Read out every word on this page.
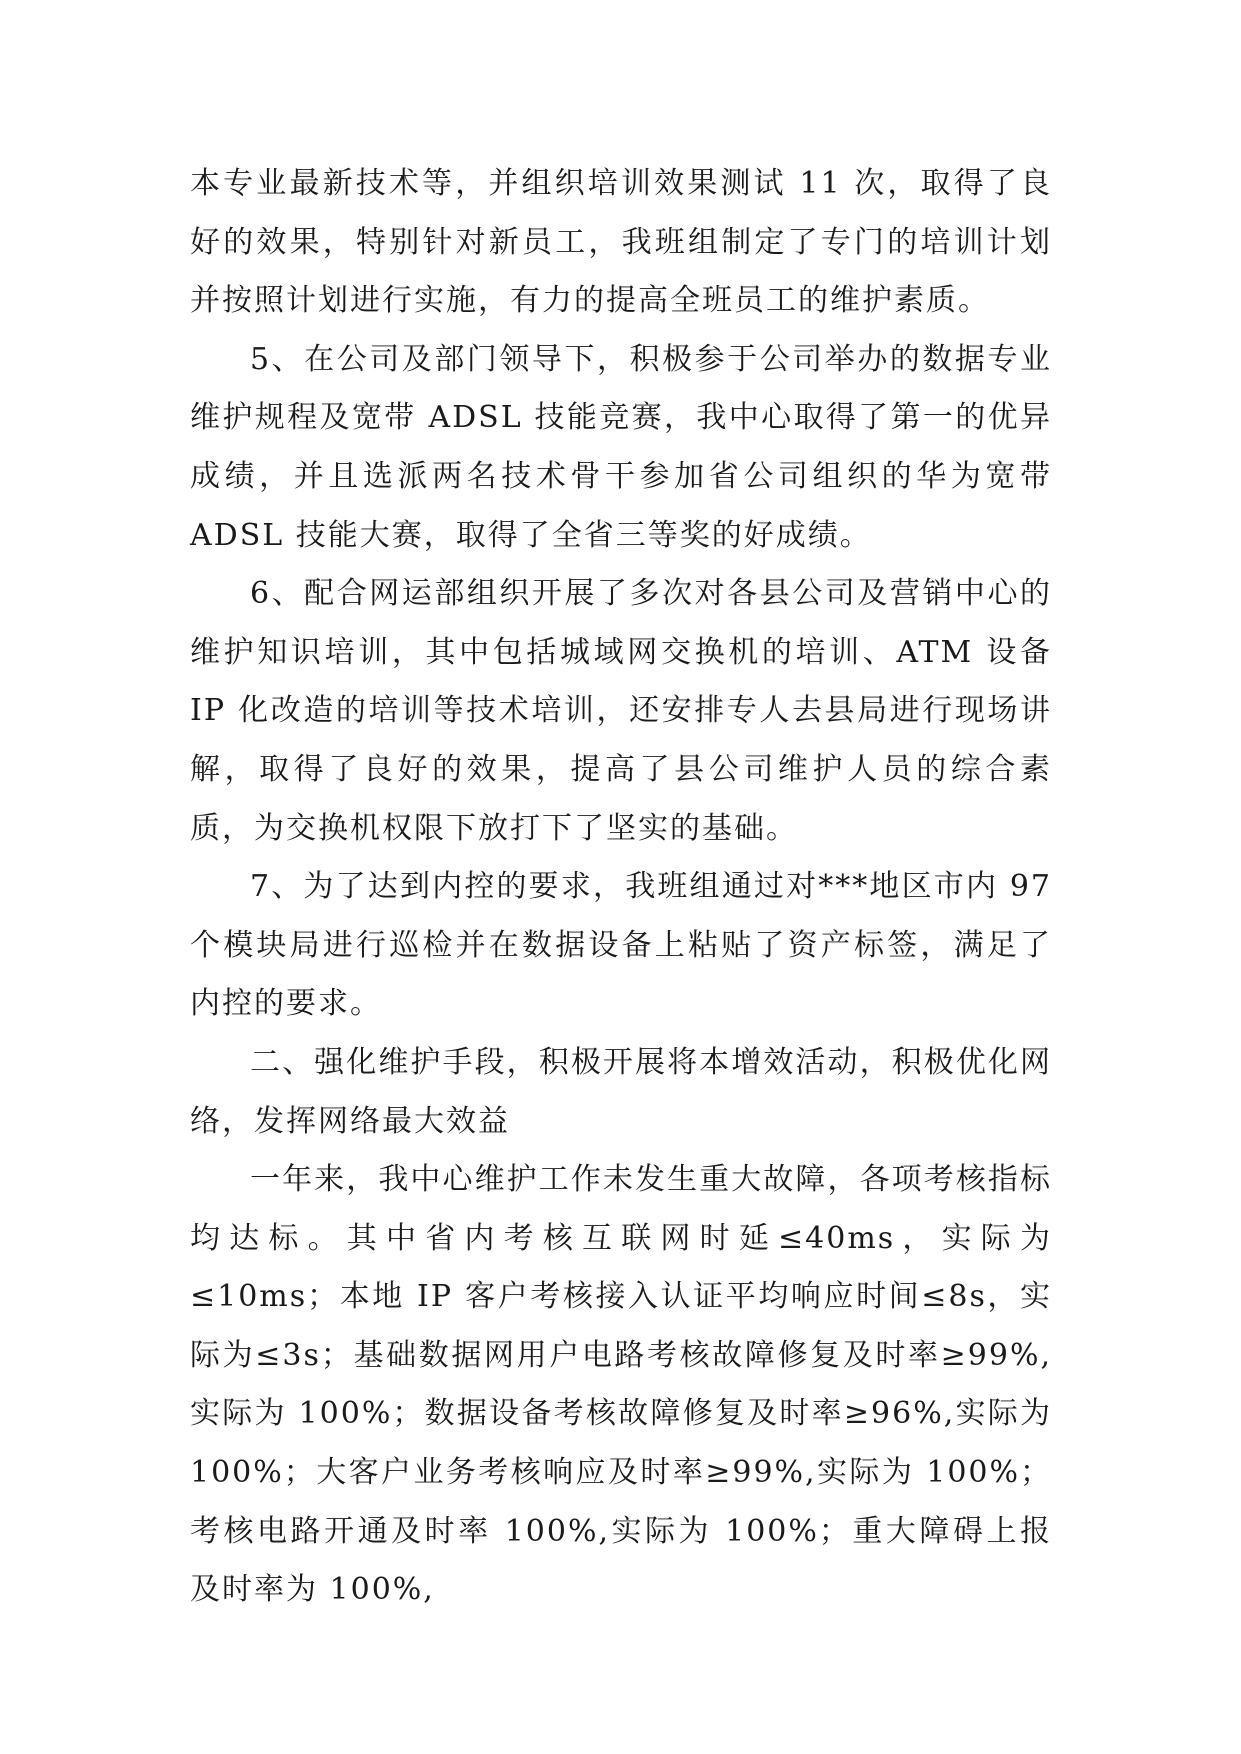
本专业最新技术等，并组织培训效果测试 11 次，取得了良好的效果，特别针对新员工，我班组制定了专门的培训计划并按照计划进行实施，有力的提高全班员工的维护素质。

5、在公司及部门领导下，积极参于公司举办的数据专业维护规程及宽带 ADSL 技能竞赛，我中心取得了第一的优异成绩，并且选派两名技术骨干参加省公司组织的华为宽带 ADSL 技能大赛，取得了全省三等奖的好成绩。

6、配合网运部组织开展了多次对各县公司及营销中心的维护知识培训，其中包括城域网交换机的培训、ATM 设备 IP 化改造的培训等技术培训，还安排专人去县局进行现场讲解，取得了良好的效果，提高了县公司维护人员的综合素质，为交换机权限下放打下了坚实的基础。

7、为了达到内控的要求，我班组通过对***地区市内 97 个模块局进行巡检并在数据设备上粘贴了资产标签，满足了内控的要求。

二、强化维护手段，积极开展将本增效活动，积极优化网络，发挥网络最大效益

一年来，我中心维护工作未发生重大故障，各项考核指标均达标。其中省内考核互联网时延≤40ms，实际为≤10ms；本地 IP 客户考核接入认证平均响应时间≤8s，实际为≤3s；基础数据网用户电路考核故障修复及时率≥99%,实际为 100%；数据设备考核故障修复及时率≥96%,实际为 100%；大客户业务考核响应及时率≥99%,实际为 100%；考核电路开通及时率 100%,实际为 100%；重大障碍上报及时率为 100%,
